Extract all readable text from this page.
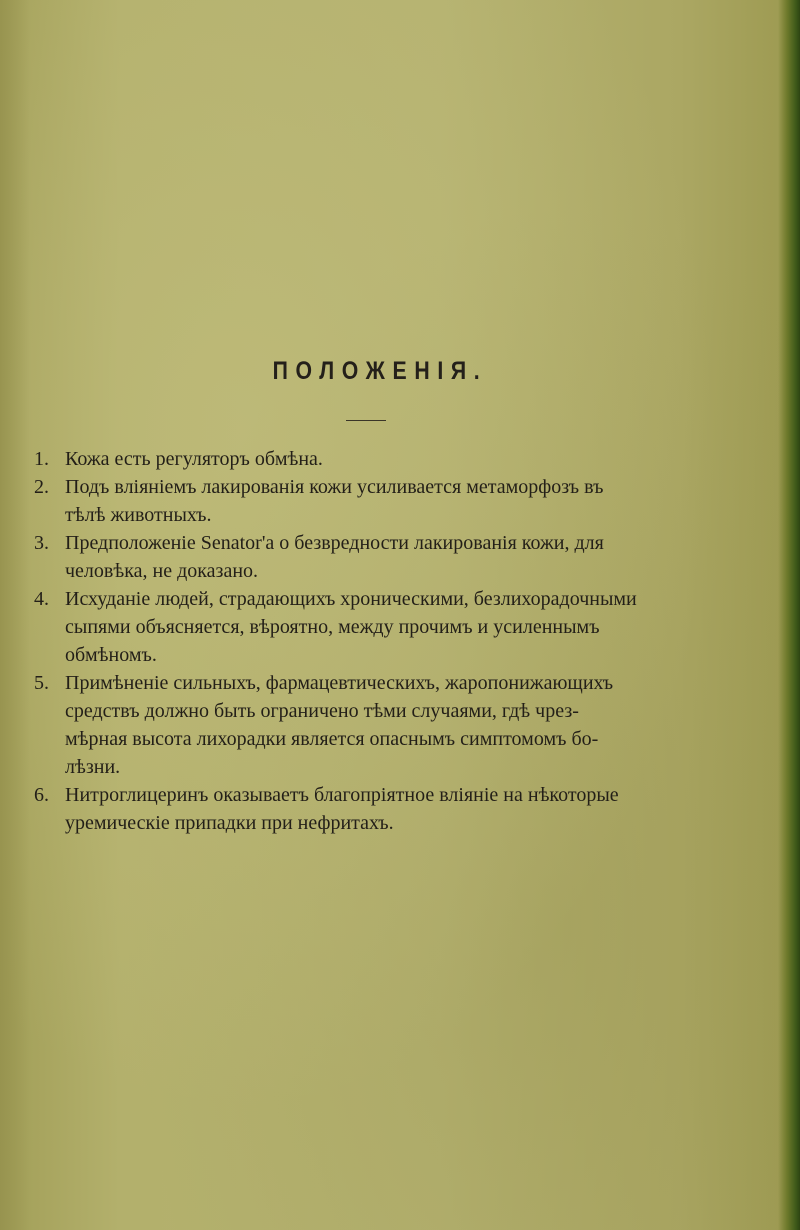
ПОЛОЖЕНІЯ.
1. Кожа есть регуляторъ обмѣна.
2. Подъ вліяніемъ лакированія кожи усиливается метаморфозъ въ
тѣлѣ животныхъ.
3. Предположеніе Senator'а о безвредности лакированія кожи, для
человѣка, не доказано.
4. Исхуданіе людей, страдающихъ хроническими, безлихорадочными
сыпями объясняется, вѣроятно, между прочимъ и усиленнымъ
обмѣномъ.
5. Примѣненіе сильныхъ, фармацевтическихъ, жаропонижающихъ
средствъ должно быть ограничено тѣми случаями, гдѣ чрез-
мѣрная высота лихорадки является опаснымъ симптомомъ бо-
лѣзни.
6. Нитроглицеринъ оказываетъ благопріятное вліяніе на нѣкоторые
уремическіе припадки при нефритахъ.
